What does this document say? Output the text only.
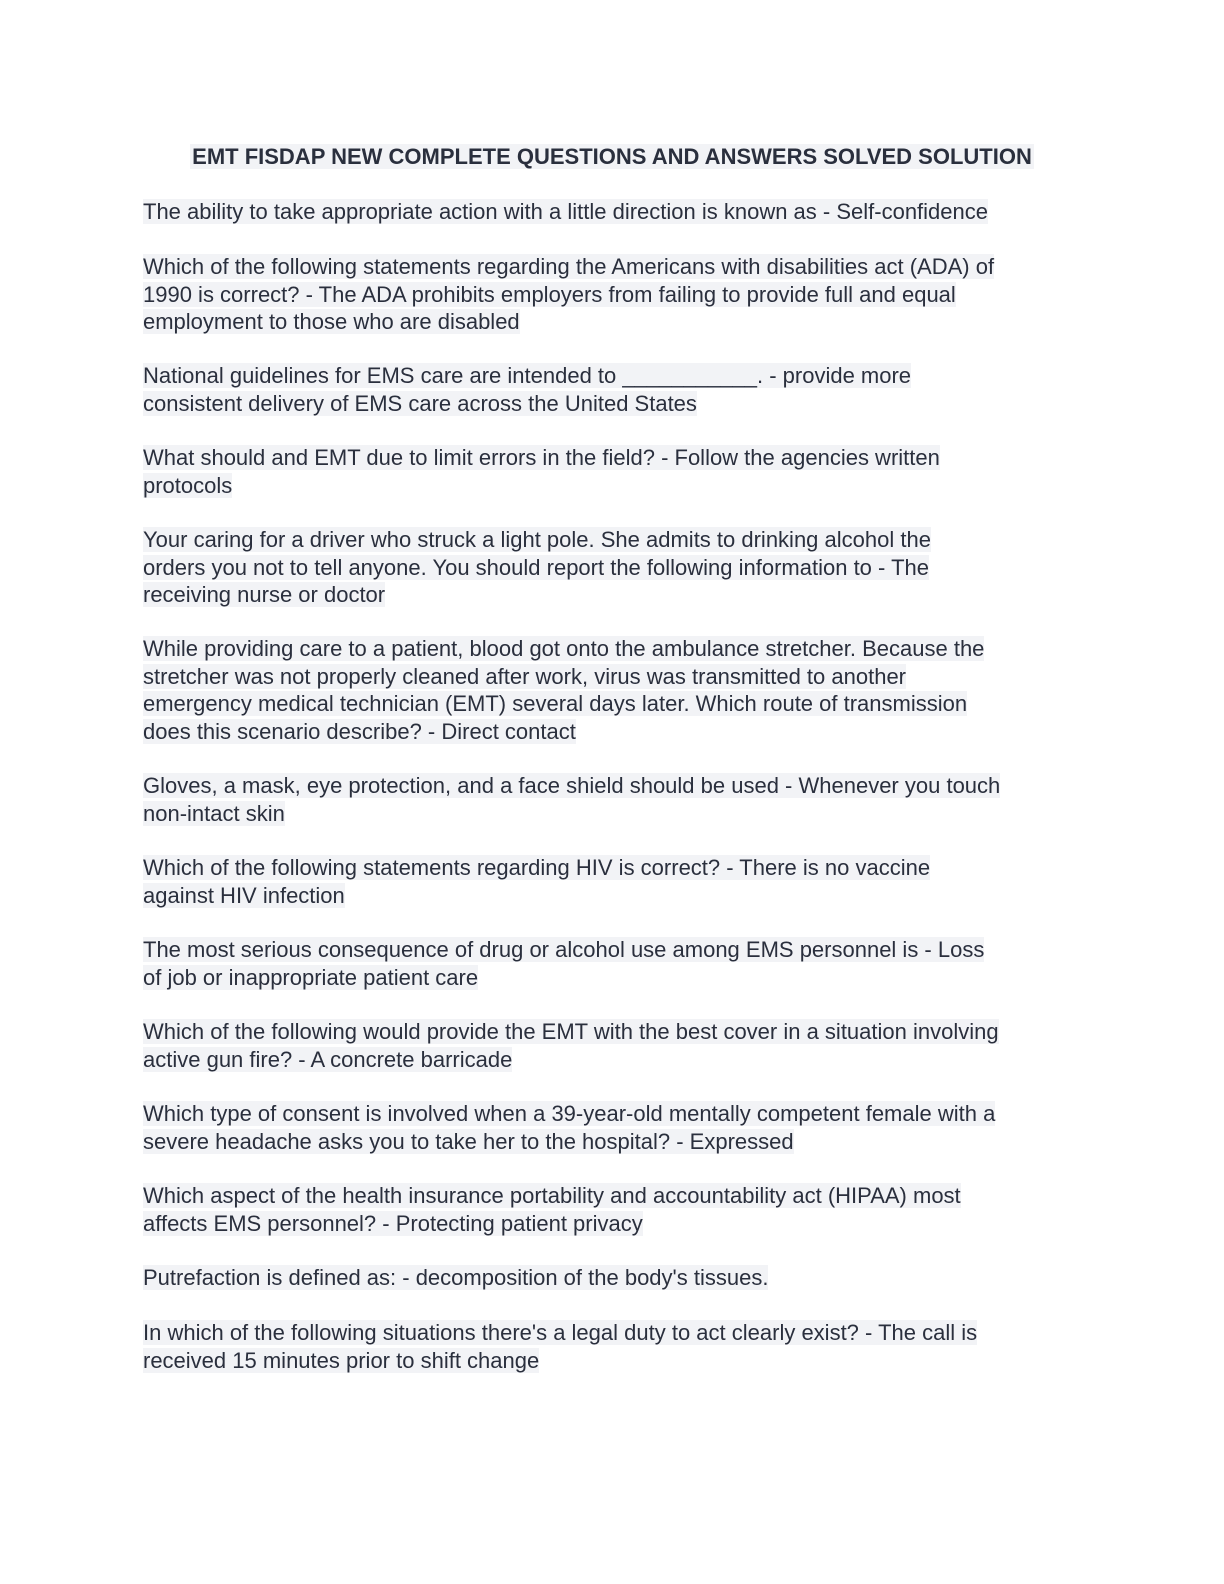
EMT FISDAP NEW COMPLETE QUESTIONS AND ANSWERS SOLVED SOLUTION
The ability to take appropriate action with a little direction is known as - Self-confidence
Which of the following statements regarding the Americans with disabilities act (ADA) of
1990 is correct? - The ADA prohibits employers from failing to provide full and equal
employment to those who are disabled
National guidelines for EMS care are intended to ___________. - provide more
consistent delivery of EMS care across the United States
What should and EMT due to limit errors in the field? - Follow the agencies written
protocols
Your caring for a driver who struck a light pole. She admits to drinking alcohol the
orders you not to tell anyone. You should report the following information to - The
receiving nurse or doctor
While providing care to a patient, blood got onto the ambulance stretcher. Because the
stretcher was not properly cleaned after work, virus was transmitted to another
emergency medical technician (EMT) several days later. Which route of transmission
does this scenario describe? - Direct contact
Gloves, a mask, eye protection, and a face shield should be used - Whenever you touch
non-intact skin
Which of the following statements regarding HIV is correct? - There is no vaccine
against HIV infection
The most serious consequence of drug or alcohol use among EMS personnel is - Loss
of job or inappropriate patient care
Which of the following would provide the EMT with the best cover in a situation involving
active gun fire? - A concrete barricade
Which type of consent is involved when a 39-year-old mentally competent female with a
severe headache asks you to take her to the hospital? - Expressed
Which aspect of the health insurance portability and accountability act (HIPAA) most
affects EMS personnel? - Protecting patient privacy
Putrefaction is defined as: - decomposition of the body's tissues.
In which of the following situations there's a legal duty to act clearly exist? - The call is
received 15 minutes prior to shift change
